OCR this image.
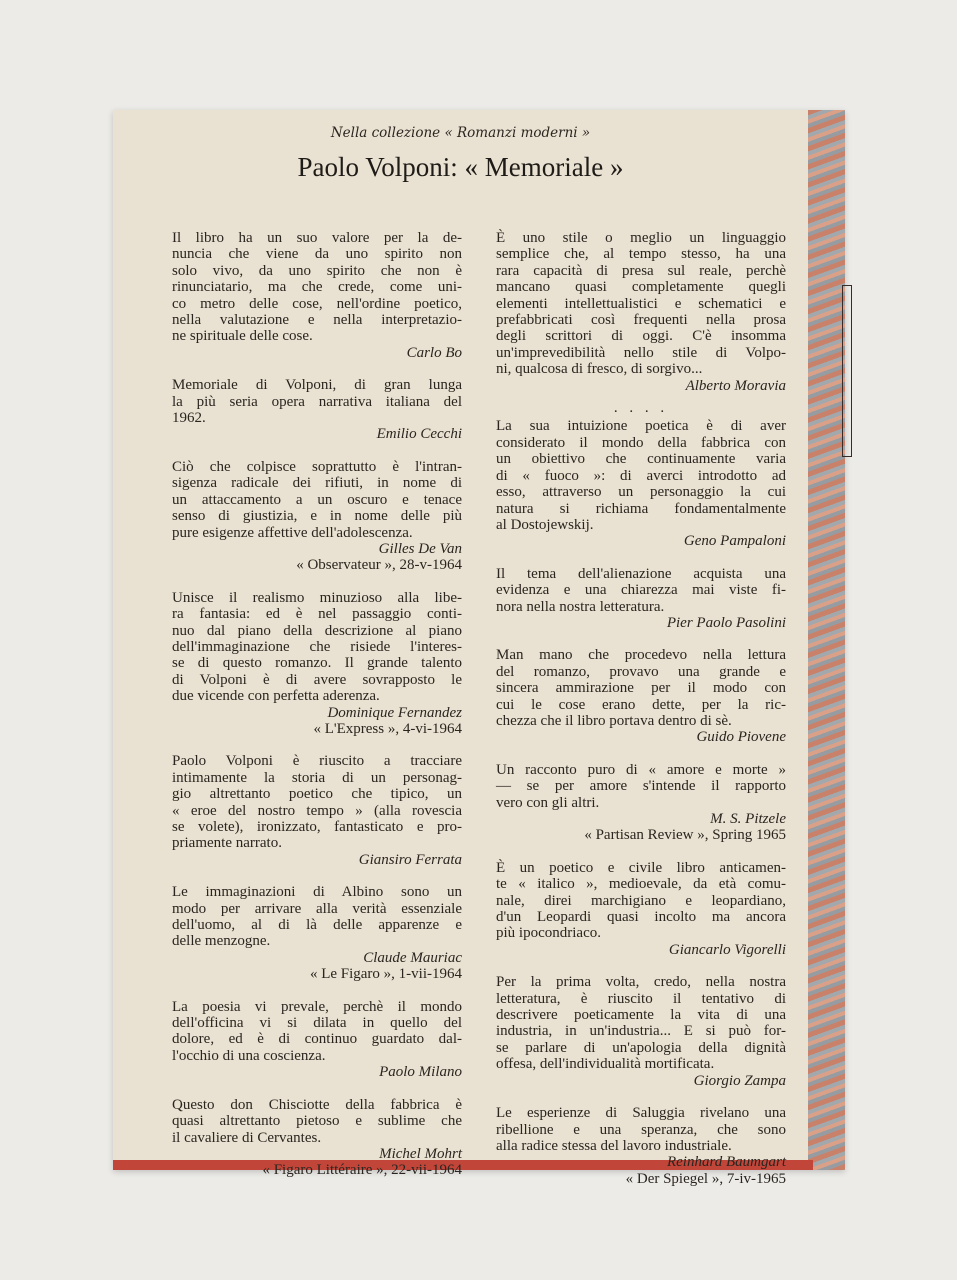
Nella collezione « Romanzi moderni »
Paolo Volponi: « Memoriale »
Il libro ha un suo valore per la de-
nuncia che viene da uno spirito non
solo vivo, da uno spirito che non è
rinunciatario, ma che crede, come uni-
co metro delle cose, nell'ordine poetico,
nella valutazione e nella interpretazio-
ne spirituale delle cose.
Carlo Bo
Memoriale di Volponi, di gran lunga
la più seria opera narrativa italiana del
1962.
Emilio Cecchi
Ciò che colpisce soprattutto è l'intran-
sigenza radicale dei rifiuti, in nome di
un attaccamento a un oscuro e tenace
senso di giustizia, e in nome delle più
pure esigenze affettive dell'adolescenza.
Gilles De Van
« Observateur », 28-v-1964
Unisce il realismo minuzioso alla libe-
ra fantasia: ed è nel passaggio conti-
nuo dal piano della descrizione al piano
dell'immaginazione che risiede l'interes-
se di questo romanzo. Il grande talento
di Volponi è di avere sovrapposto le
due vicende con perfetta aderenza.
Dominique Fernandez
« L'Express », 4-vi-1964
Paolo Volponi è riuscito a tracciare
intimamente la storia di un personag-
gio altrettanto poetico che tipico, un
« eroe del nostro tempo » (alla rovescia
se volete), ironizzato, fantasticato e pro-
priamente narrato.
Giansiro Ferrata
Le immaginazioni di Albino sono un
modo per arrivare alla verità essenziale
dell'uomo, al di là delle apparenze e
delle menzogne.
Claude Mauriac
« Le Figaro », 1-vii-1964
La poesia vi prevale, perchè il mondo
dell'officina vi si dilata in quello del
dolore, ed è di continuo guardato dal-
l'occhio di una coscienza.
Paolo Milano
Questo don Chisciotte della fabbrica è
quasi altrettanto pietoso e sublime che
il cavaliere di Cervantes.
Michel Mohrt
« Figaro Littéraire », 22-vii-1964
È uno stile o meglio un linguaggio
semplice che, al tempo stesso, ha una
rara capacità di presa sul reale, perchè
mancano quasi completamente quegli
elementi intellettualistici e schematici e
prefabbricati così frequenti nella prosa
degli scrittori di oggi. C'è insomma
un'imprevedibilità nello stile di Volpo-
ni, qualcosa di fresco, di sorgivo...
Alberto Moravia
. . . .
La sua intuizione poetica è di aver
considerato il mondo della fabbrica con
un obiettivo che continuamente varia
di « fuoco »: di averci introdotto ad
esso, attraverso un personaggio la cui
natura si richiama fondamentalmente
al Dostojewskij.
Geno Pampaloni
Il tema dell'alienazione acquista una
evidenza e una chiarezza mai viste fi-
nora nella nostra letteratura.
Pier Paolo Pasolini
Man mano che procedevo nella lettura
del romanzo, provavo una grande e
sincera ammirazione per il modo con
cui le cose erano dette, per la ric-
chezza che il libro portava dentro di sè.
Guido Piovene
Un racconto puro di « amore e morte »
— se per amore s'intende il rapporto
vero con gli altri.
M. S. Pitzele
« Partisan Review », Spring 1965
È un poetico e civile libro anticamen-
te « italico », medioevale, da età comu-
nale, direi marchigiano e leopardiano,
d'un Leopardi quasi incolto ma ancora
più ipocondriaco.
Giancarlo Vigorelli
Per la prima volta, credo, nella nostra
letteratura, è riuscito il tentativo di
descrivere poeticamente la vita di una
industria, in un'industria... E si può for-
se parlare di un'apologia della dignità
offesa, dell'individualità mortificata.
Giorgio Zampa
Le esperienze di Saluggia rivelano una
ribellione e una speranza, che sono
alla radice stessa del lavoro industriale.
Reinhard Baumgart
« Der Spiegel », 7-iv-1965
